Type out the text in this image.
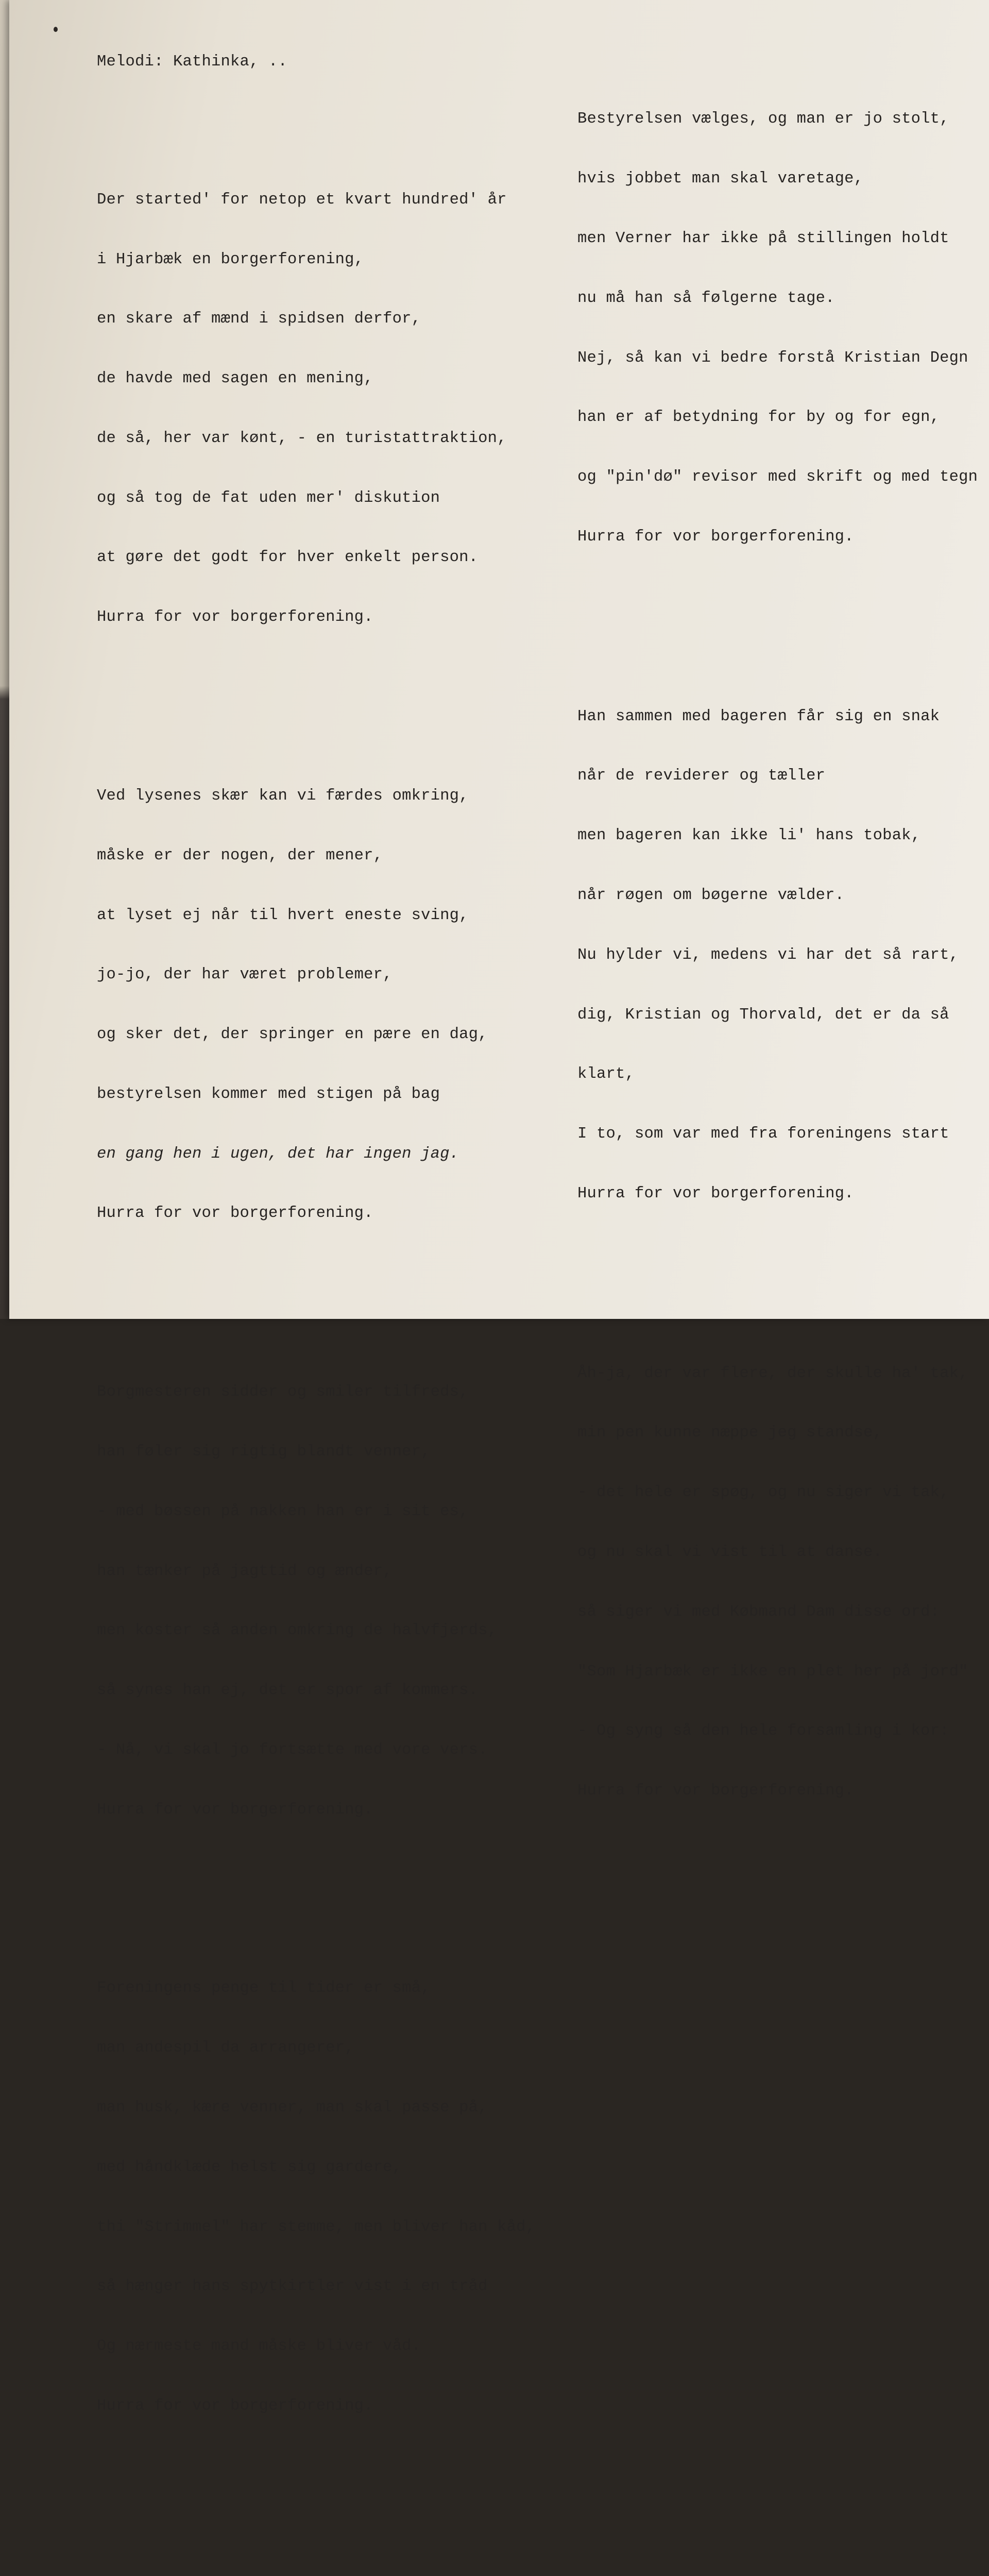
Melodi: Kathinka, ..

Der started' for netop et kvart hundred' år

i Hjarbæk en borgerforening,

en skare af mænd i spidsen derfor,

de havde med sagen en mening,

de så, her var kønt, - en turistattraktion,

og så tog de fat uden mer' diskution

at gøre det godt for hver enkelt person.

Hurra for vor borgerforening.

Ved lysenes skær kan vi færdes omkring,

måske er der nogen, der mener,

at lyset ej når til hvert eneste sving,

jo-jo, der har været problemer,

og sker det, der springer en pære en dag,

bestyrelsen kommer med stigen på bag

en gang hen i ugen, det har ingen jag.

Hurra for vor borgerforening.

Borgmesteren sidder og smiler tilfreds,

han føler sig rigtig blandt venner,

- med bøssen på nakken han er i sit es,

han tænker på jagttid og ænder,

men koster så anden omkring de halvfjerds,

så synes han ej, det er spor af kommers.

- Nå, vi skal jo fortsætte med vore vers.

Hurra for vor borgerforening.

Foreningens penge til tider er små,

man andespil da arrangerer,

man husk, kære venner, man skal passe på,

med håndklæde helst sig gardere,

thi "Strimmel" har stemme, men bliver han kåd,

så hænger hans spytkirtler vist i en tråd

Og nærmeste mand måske bliver våd.

Hurra for vor borgerforening.

Bestyrelsen vælges, og man er jo stolt,

hvis jobbet man skal varetage,

men Verner har ikke på stillingen holdt

nu må han så følgerne tage.

Nej, så kan vi bedre forstå Kristian Degn

han er af betydning for by og for egn,

og "pin'dø" revisor med skrift og med tegn

Hurra for vor borgerforening.

Han sammen med bageren får sig en snak

når de reviderer og tæller

men bageren kan ikke li' hans tobak,

når røgen om bøgerne vælder.

Nu hylder vi, medens vi har det så rart,

dig, Kristian og Thorvald, det er da så

klart,

I to, som var med fra foreningens start

Hurra for vor borgerforening.

Åh-ja, der var flere, der skulle ha' tak,

min pen kunne næppe jeg standse,

- det hele er spøg, og nu siger vi tak,

og nu skal vi vist til at danse.

så siger vi med Købmand Dam disse ord:

"Som Hjarbæk er ikke en plet her på jord"

- Og syng så den hele forsamling i kor:

Hurra for vor borgerforening.
